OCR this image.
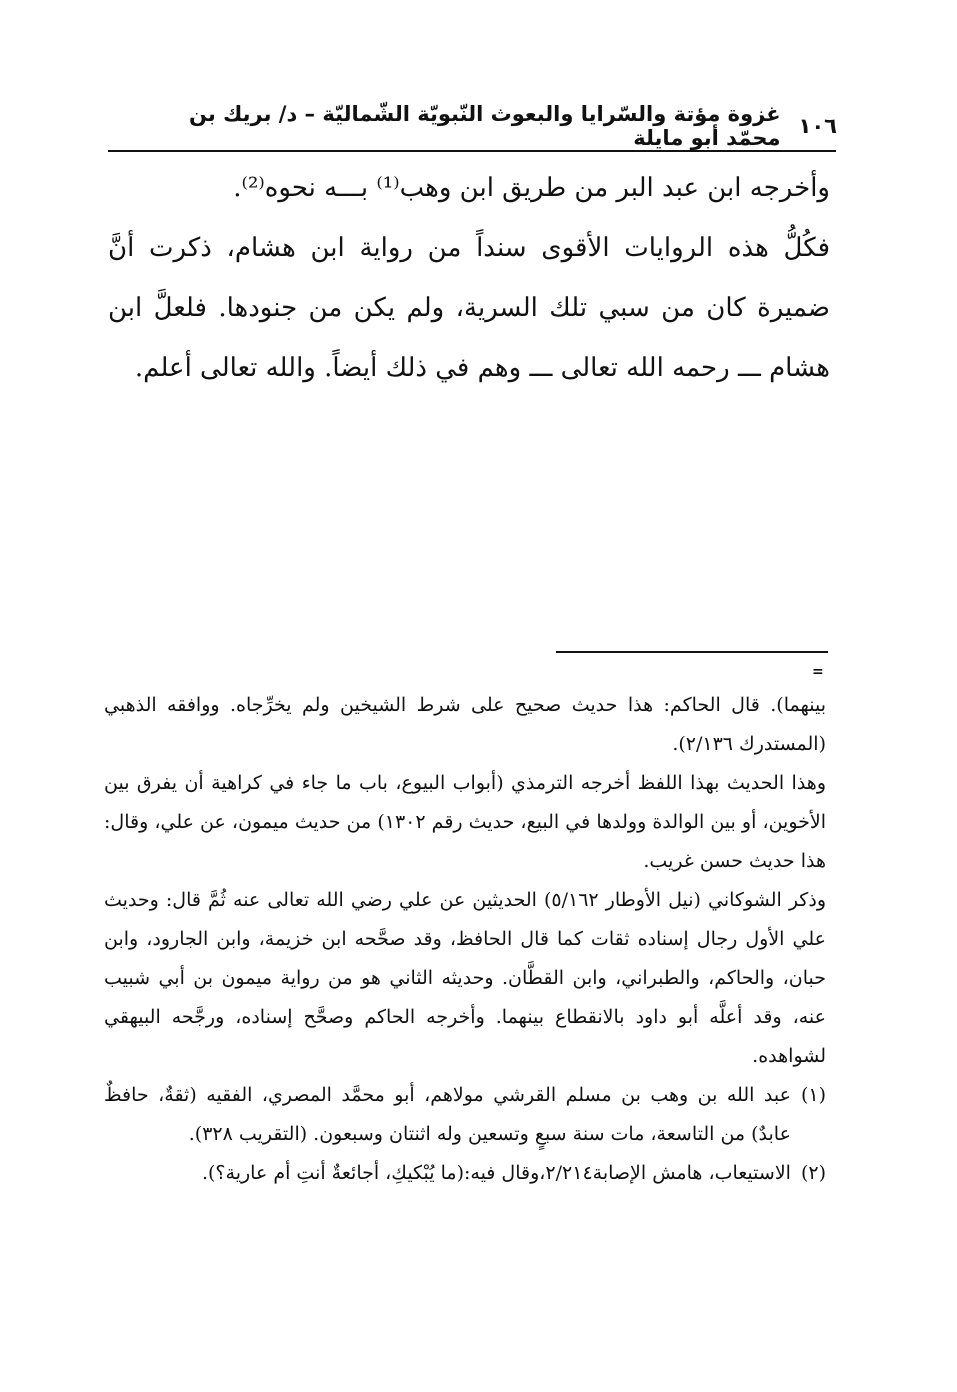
١٠٦
غزوة مؤتة والسّرايا والبعوث النّبويّة الشّماليّة – د/ بريك بن محمّد أبو مايلة

وأخرجه ابن عبد البر من طريق ابن وهب⁽¹⁾ بـــه نحوه⁽²⁾.

فكُلُّ هذه الروايات الأقوى سنداً من رواية ابن هشام، ذكرت أنَّ ضميرة كان من سبي تلك السرية، ولم يكن من جنودها. فلعلَّ ابن هشام ـــ رحمه الله تعالى ـــ وهم في ذلك أيضاً. والله تعالى أعلم.

=

بينهما). قال الحاكم: هذا حديث صحيح على شرط الشيخين ولم يخرِّجاه. ووافقه الذهبي (المستدرك ٢/١٣٦).

وهذا الحديث بهذا اللفظ أخرجه الترمذي (أبواب البيوع، باب ما جاء في كراهية أن يفرق بين الأخوين، أو بين الوالدة وولدها في البيع، حديث رقم ١٣٠٢) من حديث ميمون، عن علي، وقال: هذا حديث حسن غريب.

وذكر الشوكاني (نيل الأوطار ٥/١٦٢) الحديثين عن علي رضي الله تعالى عنه ثُمَّ قال: وحديث علي الأول رجال إسناده ثقات كما قال الحافظ، وقد صحَّحه ابن خزيمة، وابن الجارود، وابن حبان، والحاكم، والطبراني، وابن القطَّان. وحديثه الثاني هو من رواية ميمون بن أبي شبيب عنه، وقد أعلَّه أبو داود بالانقطاع بينهما. وأخرجه الحاكم وصحَّح إسناده، ورجَّحه البيهقي لشواهده.

(١)
عبد الله بن وهب بن مسلم القرشي مولاهم، أبو محمَّد المصري، الفقيه (ثقةٌ، حافظٌ عابدٌ) من التاسعة، مات سنة سبعٍ وتسعين وله اثنتان وسبعون. (التقريب ٣٢٨).
(٢)
الاستيعاب، هامش الإصابة٢/٢١٤،وقال فيه:(ما يُبْكيكِ، أجائعةٌ أنتِ أم عارية؟).
